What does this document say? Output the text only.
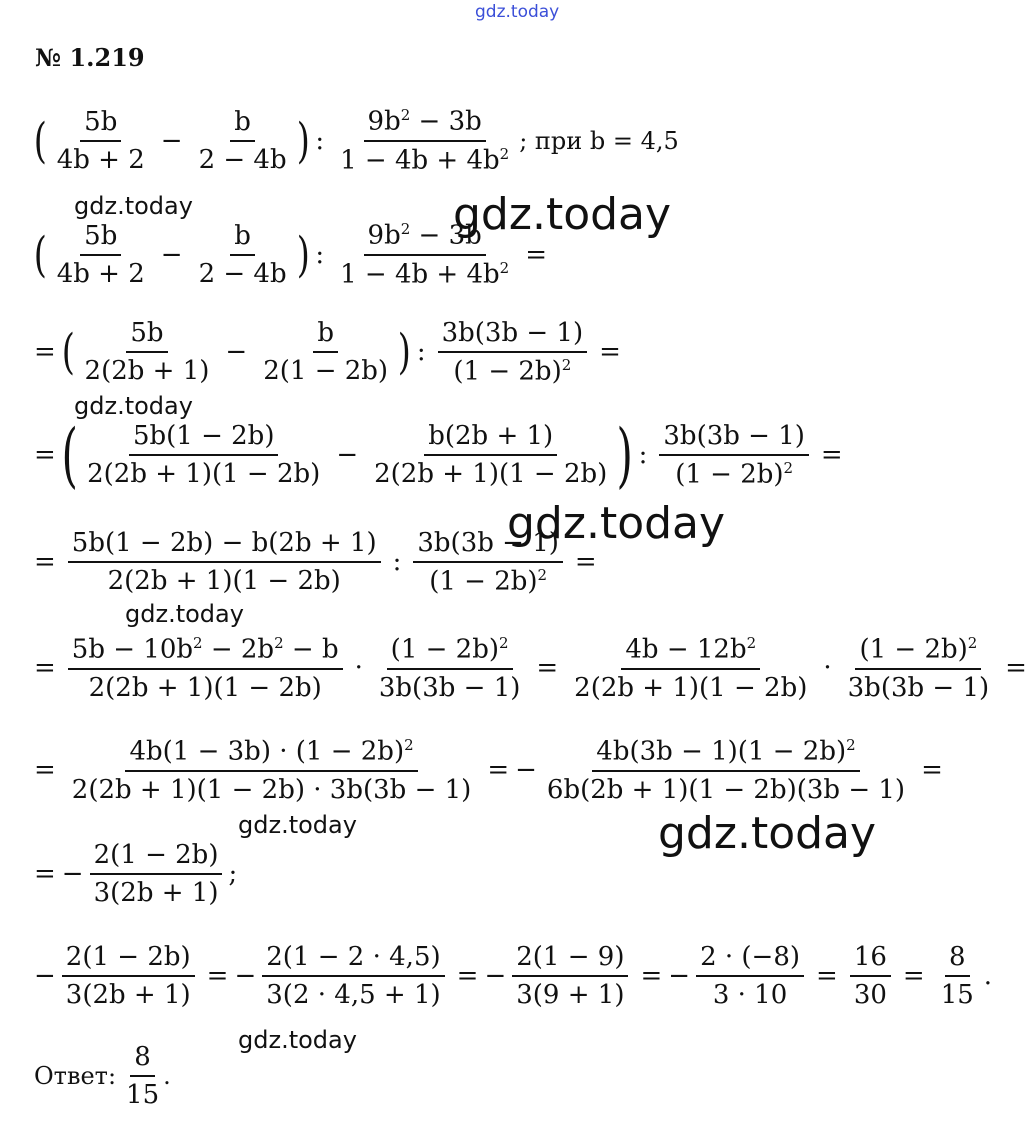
gdz.today
gdz.today	gdz.today
gdz.today
gdz.today
gdz.today
gdz.today	gdz.today
gdz.today
№ 1.219
( $\frac{5b}{4b + 2} - \frac{b}{2 - 4b}$ ) : $\frac{9b^2 - 3b}{1 - 4b + 4b^2}$ ; при b = 4,5
( $\frac{5b}{4b + 2} - \frac{b}{2 - 4b}$ ) : $\frac{9b^2 - 3b}{1 - 4b + 4b^2}$ =
= ( $\frac{5b}{2(2b + 1)} - \frac{b}{2(1 - 2b)}$ ) : $\frac{3b(3b - 1)}{(1 - 2b)^2}$ =
= ( $\frac{5b(1 - 2b)}{2(2b + 1)(1 - 2b)} - \frac{b(2b + 1)}{2(2b + 1)(1 - 2b)}$ ) : $\frac{3b(3b - 1)}{(1 - 2b)^2}$ =
= $\frac{5b(1 - 2b) - b(2b + 1)}{2(2b + 1)(1 - 2b)}$ : $\frac{3b(3b - 1)}{(1 - 2b)^2}$ =
= $\frac{5b - 10b^2 - 2b^2 - b}{2(2b + 1)(1 - 2b)} \cdot \frac{(1 - 2b)^2}{3b(3b - 1)} = \frac{4b - 12b^2}{2(2b + 1)(1 - 2b)} \cdot \frac{(1 - 2b)^2}{3b(3b - 1)}$ =
= $\frac{4b(1 - 3b) \cdot (1 - 2b)^2}{2(2b + 1)(1 - 2b) \cdot 3b(3b - 1)}$ = − $\frac{4b(3b - 1)(1 - 2b)^2}{6b(2b + 1)(1 - 2b)(3b - 1)}$ =
= − $\frac{2(1 - 2b)}{3(2b + 1)}$ ;
− $\frac{2(1 - 2b)}{3(2b + 1)}$ = − $\frac{2(1 - 2 \cdot 4,5)}{3(2 \cdot 4,5 + 1)}$ = − $\frac{2(1 - 9)}{3(9 + 1)}$ = − $\frac{2 \cdot (-8)}{3 \cdot 10} = \frac{16}{30} = \frac{8}{15}$ .
Ответ: $\frac{8}{15}$ .
